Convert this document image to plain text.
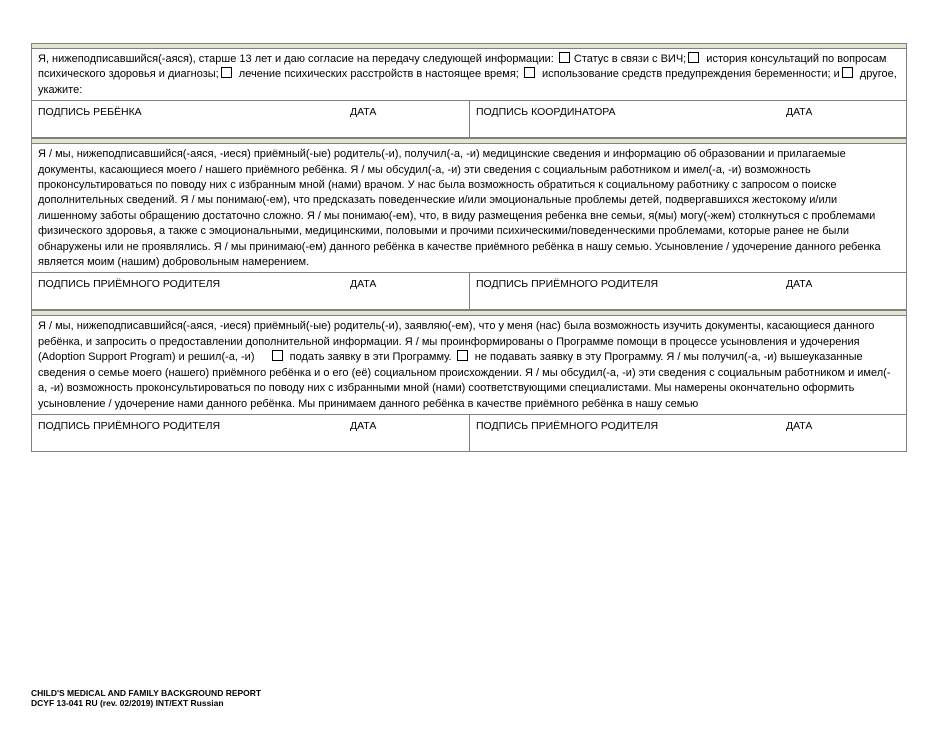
Я, нижеподписавшийся(-аяся), старше 13 лет и даю согласие на передачу следующей информации: Статус в связи с ВИЧ; история консультаций по вопросам психического здоровья и диагнозы; лечение психических расстройств в настоящее время; использование средств предупреждения беременности; и другое, укажите:

ПОДПИСЬ РЕБЁНКА	ДАТА	ПОДПИСЬ КООРДИНАТОРА	ДАТА
Я / мы, нижеподписавшийся(-аяся, -иеся) приёмный(-ые) родитель(-и), получил(-а, -и) медицинские сведения и информацию об образовании и прилагаемые документы, касающиеся моего / нашего приёмного ребёнка. Я / мы обсудил(-а, -и) эти сведения с социальным работником и имел(-а, -и) возможность проконсультироваться по поводу них с избранным мной (нами) врачом. У нас была возможность обратиться к социальному работнику с запросом о поиске дополнительных сведений. Я / мы понимаю(-ем), что предсказать поведенческие и/или эмоциональные проблемы детей, подвергавшихся жестокому и/или лишенному заботы обращению достаточно сложно. Я / мы понимаю(-ем), что, в виду размещения ребенка вне семьи, я(мы) могу(-жем) столкнуться с проблемами физического здоровья, а также с эмоциональными, медицинскими, половыми и прочими психическими/поведенческими проблемами, которые ранее не были обнаружены или не проявлялись. Я / мы принимаю(-ем) данного ребёнка в качестве приёмного ребёнка в нашу семью. Усыновление / удочерение данного ребенка является моим (нашим) добровольным намерением.
ПОДПИСЬ ПРИЁМНОГО РОДИТЕЛЯ	ДАТА	ПОДПИСЬ ПРИЁМНОГО РОДИТЕЛЯ	ДАТА

Я / мы, нижеподписавшийся(-аяся, -иеся) приёмный(-ые) родитель(-и), заявляю(-ем), что у меня (нас) была возможность изучить документы, касающиеся данного ребёнка, и запросить о предоставлении дополнительной информации. Я / мы проинформированы о Программе помощи в процессе усыновления и удочерения (Adoption Support Program) и решил(-а, -и)	подать заявку в эти Программу. не подавать заявку в эту Программу. Я / мы получил(-а, -и) вышеуказанные сведения о семье моего (нашего) приёмного ребёнка и о его (её) социальном происхождении. Я / мы обсудил(-а, -и) эти сведения с социальным работником и имел(-а, -и) возможность проконсультироваться по поводу них с избранными мной (нами) соответствующими специалистами. Мы намерены окончательно оформить усыновление / удочерение нами данного ребёнка. Мы принимаем данного ребёнка в качестве приёмного ребёнка в нашу семью

ПОДПИСЬ ПРИЁМНОГО РОДИТЕЛЯ	ДАТА	ПОДПИСЬ ПРИЁМНОГО РОДИТЕЛЯ	ДАТА
CHILD'S MEDICAL AND FAMILY BACKGROUND REPORT
DCYF 13-041 RU (rev. 02/2019) INT/EXT Russian
